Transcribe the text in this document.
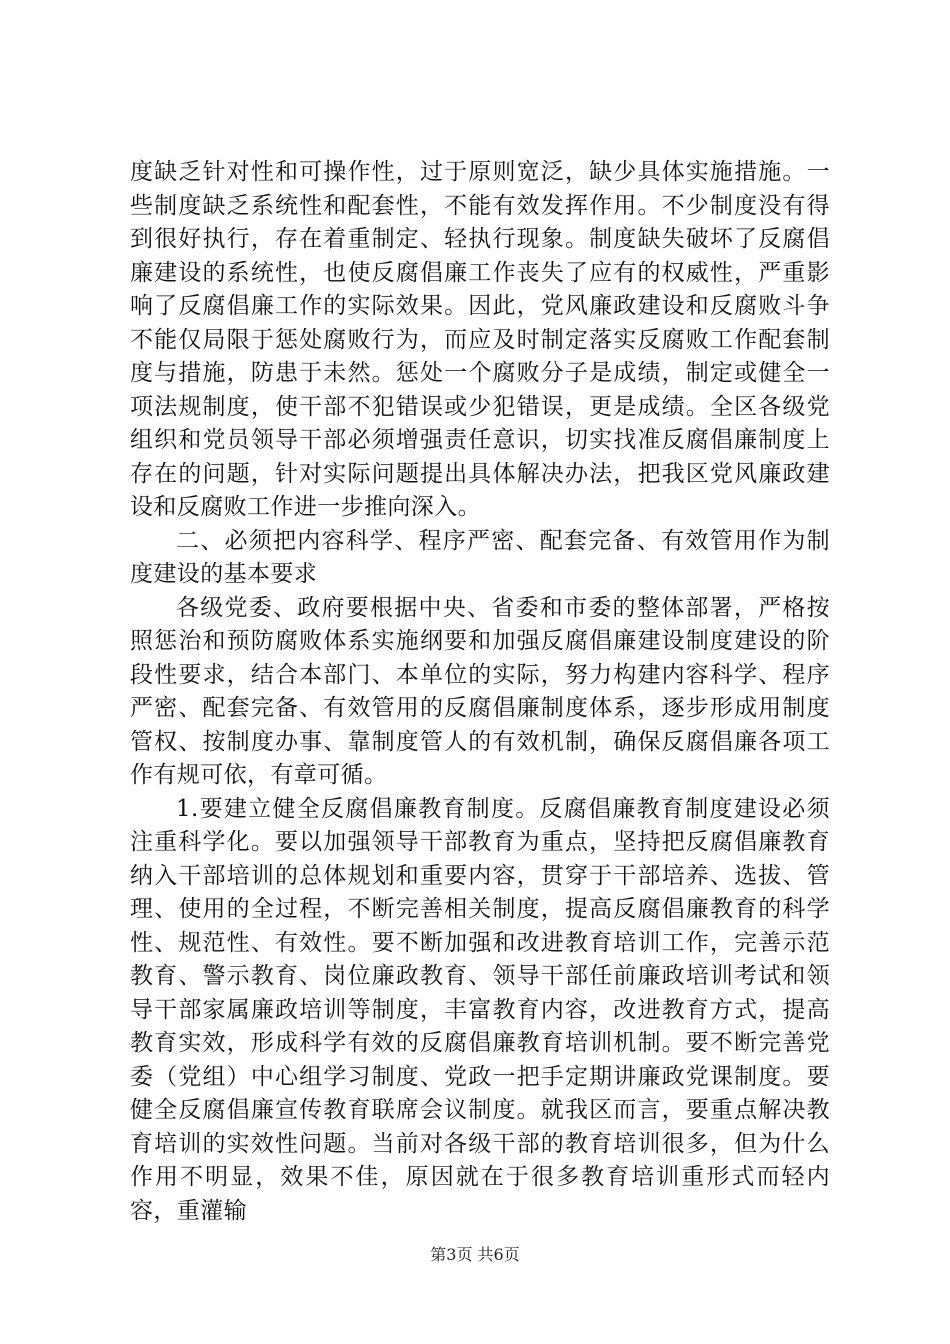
度缺乏针对性和可操作性，过于原则宽泛，缺少具体实施措施。一些制度缺乏系统性和配套性，不能有效发挥作用。不少制度没有得到很好执行，存在着重制定、轻执行现象。制度缺失破坏了反腐倡廉建设的系统性，也使反腐倡廉工作丧失了应有的权威性，严重影响了反腐倡廉工作的实际效果。因此，党风廉政建设和反腐败斗争不能仅局限于惩处腐败行为，而应及时制定落实反腐败工作配套制度与措施，防患于未然。惩处一个腐败分子是成绩，制定或健全一项法规制度，使干部不犯错误或少犯错误，更是成绩。全区各级党组织和党员领导干部必须增强责任意识，切实找准反腐倡廉制度上存在的问题，针对实际问题提出具体解决办法，把我区党风廉政建设和反腐败工作进一步推向深入。

二、必须把内容科学、程序严密、配套完备、有效管用作为制度建设的基本要求

各级党委、政府要根据中央、省委和市委的整体部署，严格按照惩治和预防腐败体系实施纲要和加强反腐倡廉建设制度建设的阶段性要求，结合本部门、本单位的实际，努力构建内容科学、程序严密、配套完备、有效管用的反腐倡廉制度体系，逐步形成用制度管权、按制度办事、靠制度管人的有效机制，确保反腐倡廉各项工作有规可依，有章可循。

1.要建立健全反腐倡廉教育制度。反腐倡廉教育制度建设必须注重科学化。要以加强领导干部教育为重点，坚持把反腐倡廉教育纳入干部培训的总体规划和重要内容，贯穿于干部培养、选拔、管理、使用的全过程，不断完善相关制度，提高反腐倡廉教育的科学性、规范性、有效性。要不断加强和改进教育培训工作，完善示范教育、警示教育、岗位廉政教育、领导干部任前廉政培训考试和领导干部家属廉政培训等制度，丰富教育内容，改进教育方式，提高教育实效，形成科学有效的反腐倡廉教育培训机制。要不断完善党委（党组）中心组学习制度、党政一把手定期讲廉政党课制度。要健全反腐倡廉宣传教育联席会议制度。就我区而言，要重点解决教育培训的实效性问题。当前对各级干部的教育培训很多，但为什么作用不明显，效果不佳，原因就在于很多教育培训重形式而轻内容，重灌输

第3页 共6页
